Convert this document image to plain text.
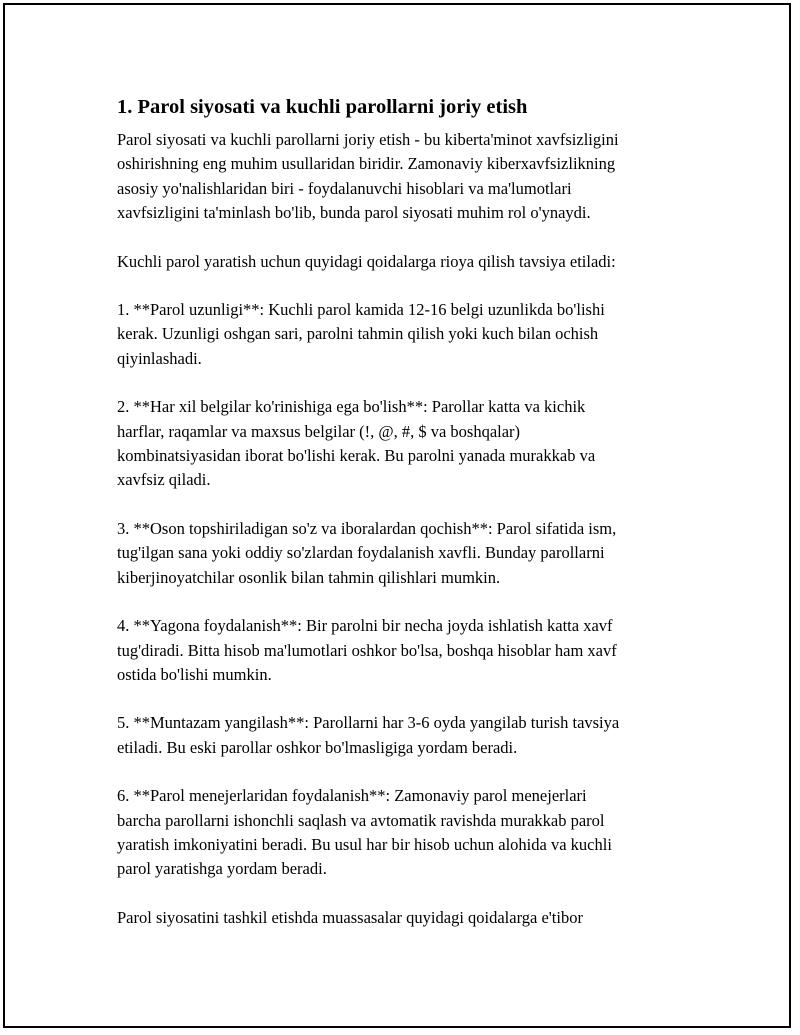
1. Parol siyosati va kuchli parollarni joriy etish
Parol siyosati va kuchli parollarni joriy etish - bu kiberta'minot xavfsizligini
oshirishning eng muhim usullaridan biridir. Zamonaviy kiberxavfsizlikning
asosiy yo'nalishlaridan biri - foydalanuvchi hisoblari va ma'lumotlari
xavfsizligini ta'minlash bo'lib, bunda parol siyosati muhim rol o'ynaydi.
Kuchli parol yaratish uchun quyidagi qoidalarga rioya qilish tavsiya etiladi:
1. **Parol uzunligi**: Kuchli parol kamida 12-16 belgi uzunlikda bo'lishi
kerak. Uzunligi oshgan sari, parolni tahmin qilish yoki kuch bilan ochish
qiyinlashadi.
2. **Har xil belgilar ko'rinishiga ega bo'lish**: Parollar katta va kichik
harflar, raqamlar va maxsus belgilar (!, @, #, $ va boshqalar)
kombinatsiyasidan iborat bo'lishi kerak. Bu parolni yanada murakkab va
xavfsiz qiladi.
3. **Oson topshiriladigan so'z va iboralardan qochish**: Parol sifatida ism,
tug'ilgan sana yoki oddiy so'zlardan foydalanish xavfli. Bunday parollarni
kiberjinoyatchilar osonlik bilan tahmin qilishlari mumkin.
4. **Yagona foydalanish**: Bir parolni bir necha joyda ishlatish katta xavf
tug'diradi. Bitta hisob ma'lumotlari oshkor bo'lsa, boshqa hisoblar ham xavf
ostida bo'lishi mumkin.
5. **Muntazam yangilash**: Parollarni har 3-6 oyda yangilab turish tavsiya
etiladi. Bu eski parollar oshkor bo'lmasligiga yordam beradi.
6. **Parol menejerlaridan foydalanish**: Zamonaviy parol menejerlari
barcha parollarni ishonchli saqlash va avtomatik ravishda murakkab parol
yaratish imkoniyatini beradi. Bu usul har bir hisob uchun alohida va kuchli
parol yaratishga yordam beradi.
Parol siyosatini tashkil etishda muassasalar quyidagi qoidalarga e'tibor
